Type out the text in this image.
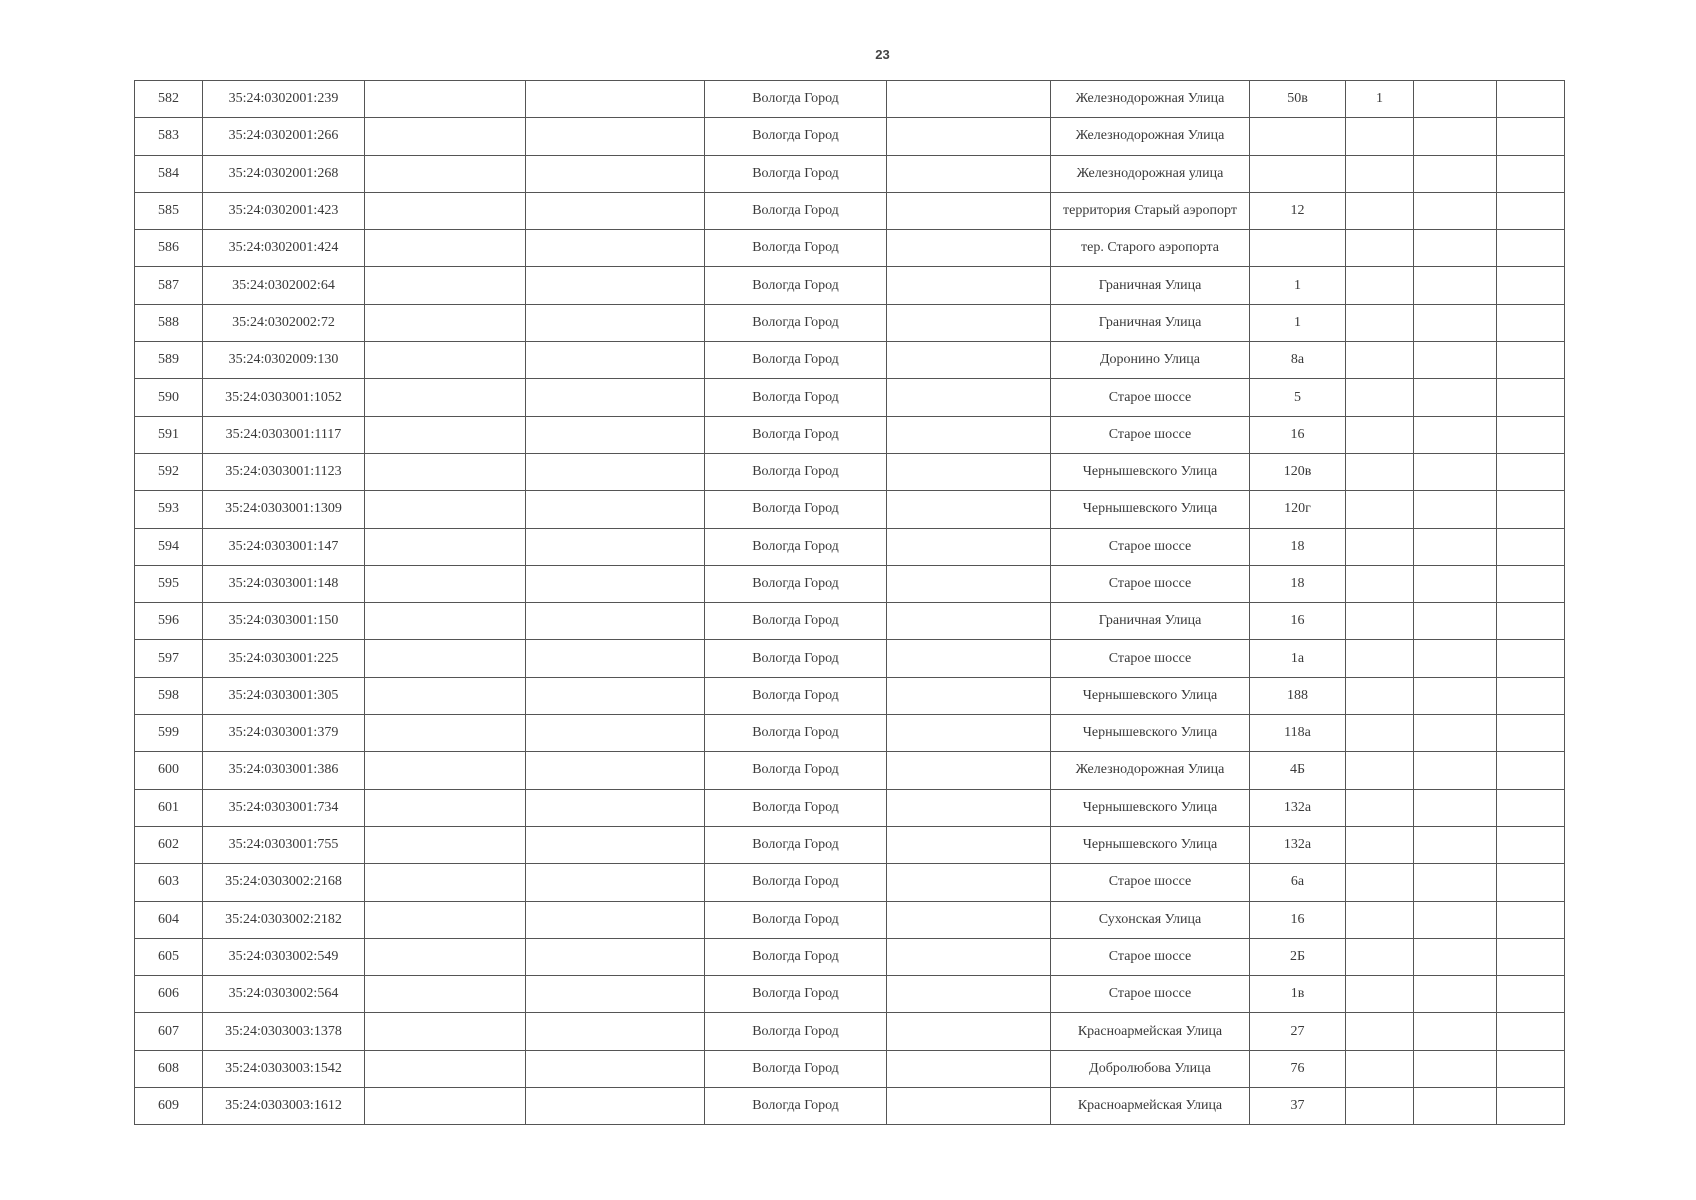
23
582	35:24:0302001:239			Вологда Город		Железнодорожная Улица	50в	1		
583	35:24:0302001:266			Вологда Город		Железнодорожная Улица				
584	35:24:0302001:268			Вологда Город		Железнодорожная улица				
585	35:24:0302001:423			Вологда Город		территория Старый аэропорт	12			
586	35:24:0302001:424			Вологда Город		тер. Старого аэропорта				
587	35:24:0302002:64			Вологда Город		Граничная Улица	1			
588	35:24:0302002:72			Вологда Город		Граничная Улица	1			
589	35:24:0302009:130			Вологда Город		Доронино Улица	8а			
590	35:24:0303001:1052			Вологда Город		Старое шоссе	5			
591	35:24:0303001:1117			Вологда Город		Старое шоссе	16			
592	35:24:0303001:1123			Вологда Город		Чернышевского Улица	120в			
593	35:24:0303001:1309			Вологда Город		Чернышевского Улица	120г			
594	35:24:0303001:147			Вологда Город		Старое шоссе	18			
595	35:24:0303001:148			Вологда Город		Старое шоссе	18			
596	35:24:0303001:150			Вологда Город		Граничная Улица	16			
597	35:24:0303001:225			Вологда Город		Старое шоссе	1а			
598	35:24:0303001:305			Вологда Город		Чернышевского Улица	188			
599	35:24:0303001:379			Вологда Город		Чернышевского Улица	118а			
600	35:24:0303001:386			Вологда Город		Железнодорожная Улица	4Б			
601	35:24:0303001:734			Вологда Город		Чернышевского Улица	132а			
602	35:24:0303001:755			Вологда Город		Чернышевского Улица	132а			
603	35:24:0303002:2168			Вологда Город		Старое шоссе	6а			
604	35:24:0303002:2182			Вологда Город		Сухонская Улица	16			
605	35:24:0303002:549			Вологда Город		Старое шоссе	2Б			
606	35:24:0303002:564			Вологда Город		Старое шоссе	1в			
607	35:24:0303003:1378			Вологда Город		Красноармейская Улица	27			
608	35:24:0303003:1542			Вологда Город		Добролюбова Улица	76			
609	35:24:0303003:1612			Вологда Город		Красноармейская Улица	37			
